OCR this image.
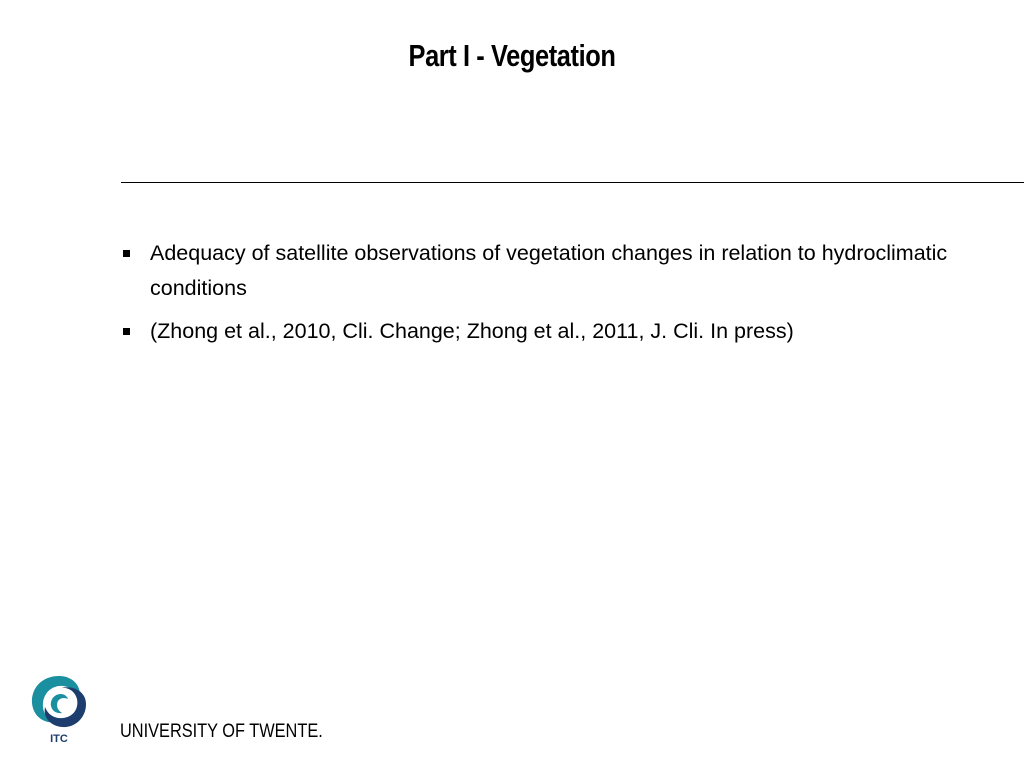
Part I - Vegetation
Adequacy of satellite observations of vegetation changes in relation to hydroclimatic conditions
(Zhong et al., 2010, Cli. Change; Zhong et al., 2011, J. Cli. In press)
ITC	UNIVERSITY OF TWENTE.
